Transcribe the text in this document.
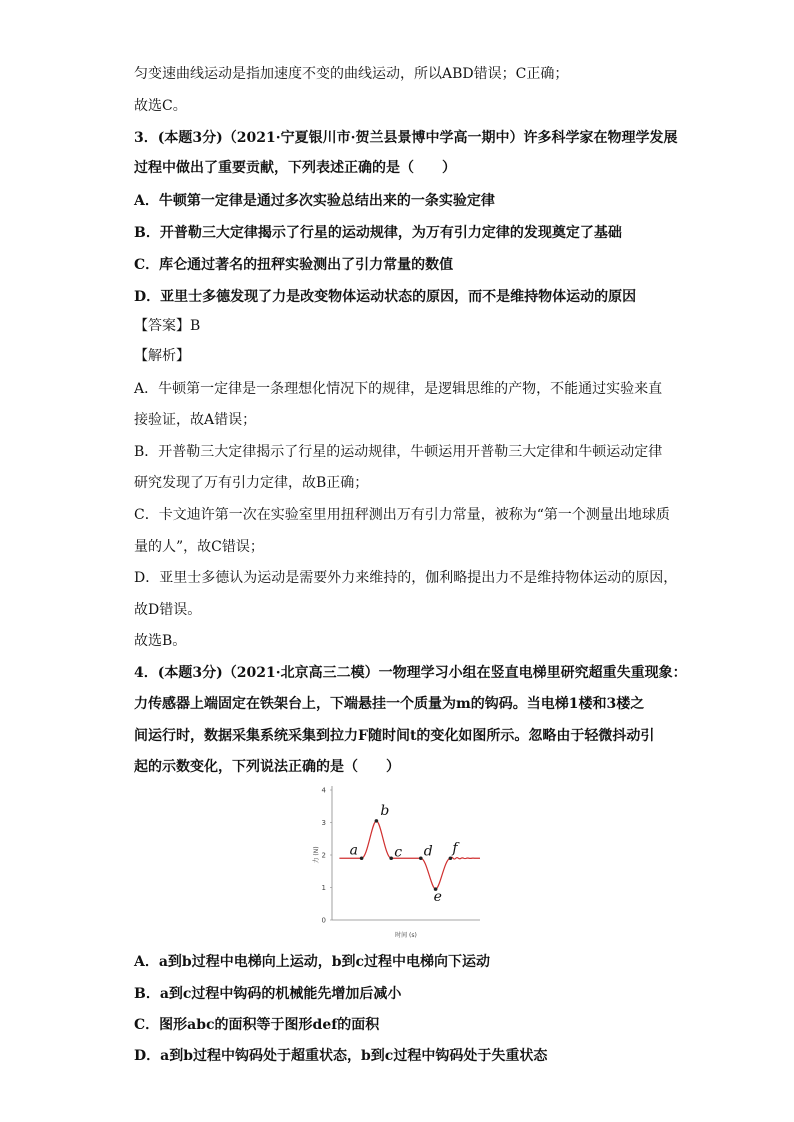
匀变速曲线运动是指加速度不变的曲线运动，所以ABD错误；C正确；
故选C。
3．(本题3分)（2021·宁夏银川市·贺兰县景博中学高一期中）许多科学家在物理学发展
过程中做出了重要贡献，下列表述正确的是（　　）
A．牛顿第一定律是通过多次实验总结出来的一条实验定律
B．开普勒三大定律揭示了行星的运动规律，为万有引力定律的发现奠定了基础
C．库仑通过著名的扭秤实验测出了引力常量的数值
D．亚里士多德发现了力是改变物体运动状态的原因，而不是维持物体运动的原因
【答案】B
【解析】
A．牛顿第一定律是一条理想化情况下的规律，是逻辑思维的产物，不能通过实验来直
接验证，故A错误；
B．开普勒三大定律揭示了行星的运动规律，牛顿运用开普勒三大定律和牛顿运动定律
研究发现了万有引力定律，故B正确；
C．卡文迪许第一次在实验室里用扭秤测出万有引力常量，被称为“第一个测量出地球质
量的人”，故C错误；
D．亚里士多德认为运动是需要外力来维持的，伽利略提出力不是维持物体运动的原因，
故D错误。
故选B。
4．(本题3分)（2021·北京高三二模）一物理学习小组在竖直电梯里研究超重失重现象：
力传感器上端固定在铁架台上，下端悬挂一个质量为m的钩码。当电梯1楼和3楼之
间运行时，数据采集系统采集到拉力F随时间t的变化如图所示。忽略由于轻微抖动引
起的示数变化，下列说法正确的是（　　）
0
1
2
3
4
力 (N)
时间 (s)
a
b
c d
e
f
A．a到b过程中电梯向上运动，b到c过程中电梯向下运动
B．a到c过程中钩码的机械能先增加后减小
C．图形abc的面积等于图形def的面积
D．a到b过程中钩码处于超重状态，b到c过程中钩码处于失重状态
